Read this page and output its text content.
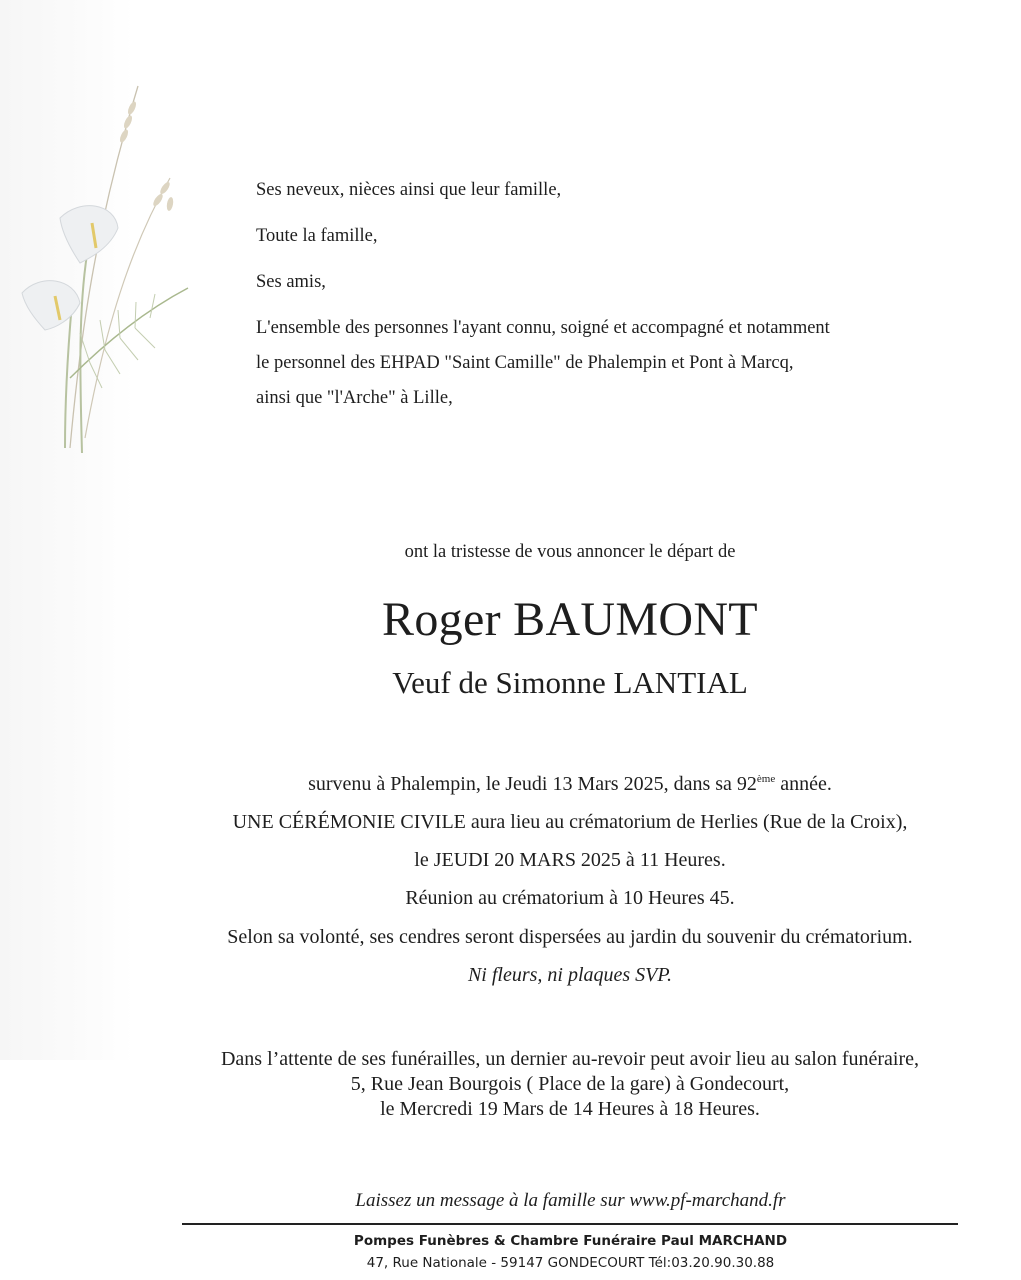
Ses neveux, nièces ainsi que leur famille,
Toute la famille,
Ses amis,
L'ensemble des personnes l'ayant connu, soigné et accompagné et notamment
le personnel des EHPAD "Saint Camille" de Phalempin et Pont à Marcq,
ainsi que "l'Arche" à Lille,
ont la tristesse de vous annoncer le départ de
Roger BAUMONT
Veuf de Simonne LANTIAL
survenu à Phalempin, le Jeudi 13 Mars 2025, dans sa 92ème année.
UNE CÉRÉMONIE CIVILE aura lieu au crématorium de Herlies (Rue de la Croix),
le JEUDI 20 MARS 2025 à 11 Heures.
Réunion au crématorium à 10 Heures 45.
Selon sa volonté, ses cendres seront dispersées au jardin du souvenir du crématorium.
Ni fleurs, ni plaques SVP.
Dans l’attente de ses funérailles, un dernier au-revoir peut avoir lieu au salon funéraire,
5, Rue Jean Bourgois ( Place de la gare) à Gondecourt,
le Mercredi 19 Mars de 14 Heures à 18 Heures.
Laissez un message à la famille sur www.pf-marchand.fr
Pompes Funèbres & Chambre Funéraire Paul MARCHAND
47, Rue Nationale - 59147 GONDECOURT Tél:03.20.90.30.88
